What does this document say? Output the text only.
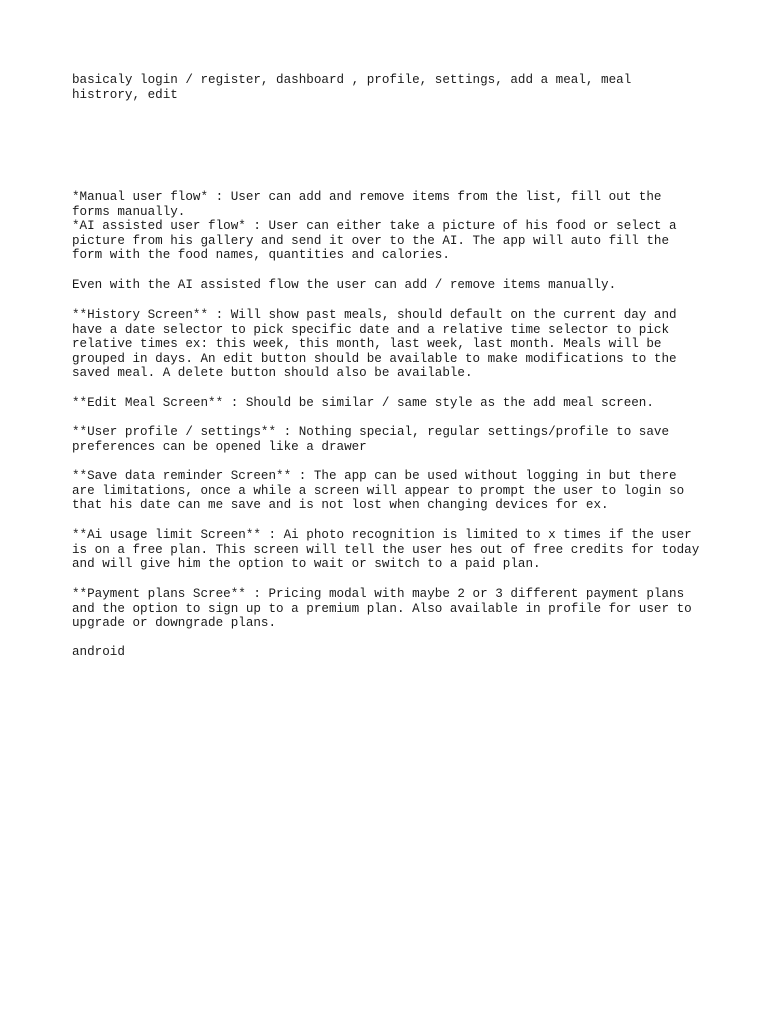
basicaly login / register, dashboard , profile, settings, add a meal, meal
histrory, edit

*Manual user flow* : User can add and remove items from the list, fill out the
forms manually.
*AI assisted user flow* : User can either take a picture of his food or select a
picture from his gallery and send it over to the AI. The app will auto fill the
form with the food names, quantities and calories.

Even with the AI assisted flow the user can add / remove items manually.

**History Screen** : Will show past meals, should default on the current day and
have a date selector to pick specific date and a relative time selector to pick
relative times ex: this week, this month, last week, last month. Meals will be
grouped in days. An edit button should be available to make modifications to the
saved meal. A delete button should also be available.

**Edit Meal Screen** : Should be similar / same style as the add meal screen.

**User profile / settings** : Nothing special, regular settings/profile to save
preferences can be opened like a drawer

**Save data reminder Screen** : The app can be used without logging in but there
are limitations, once a while a screen will appear to prompt the user to login so
that his date can me save and is not lost when changing devices for ex.

**Ai usage limit Screen** : Ai photo recognition is limited to x times if the user
is on a free plan. This screen will tell the user hes out of free credits for today
and will give him the option to wait or switch to a paid plan.

**Payment plans Scree** : Pricing modal with maybe 2 or 3 different payment plans
and the option to sign up to a premium plan. Also available in profile for user to
upgrade or downgrade plans.

android
